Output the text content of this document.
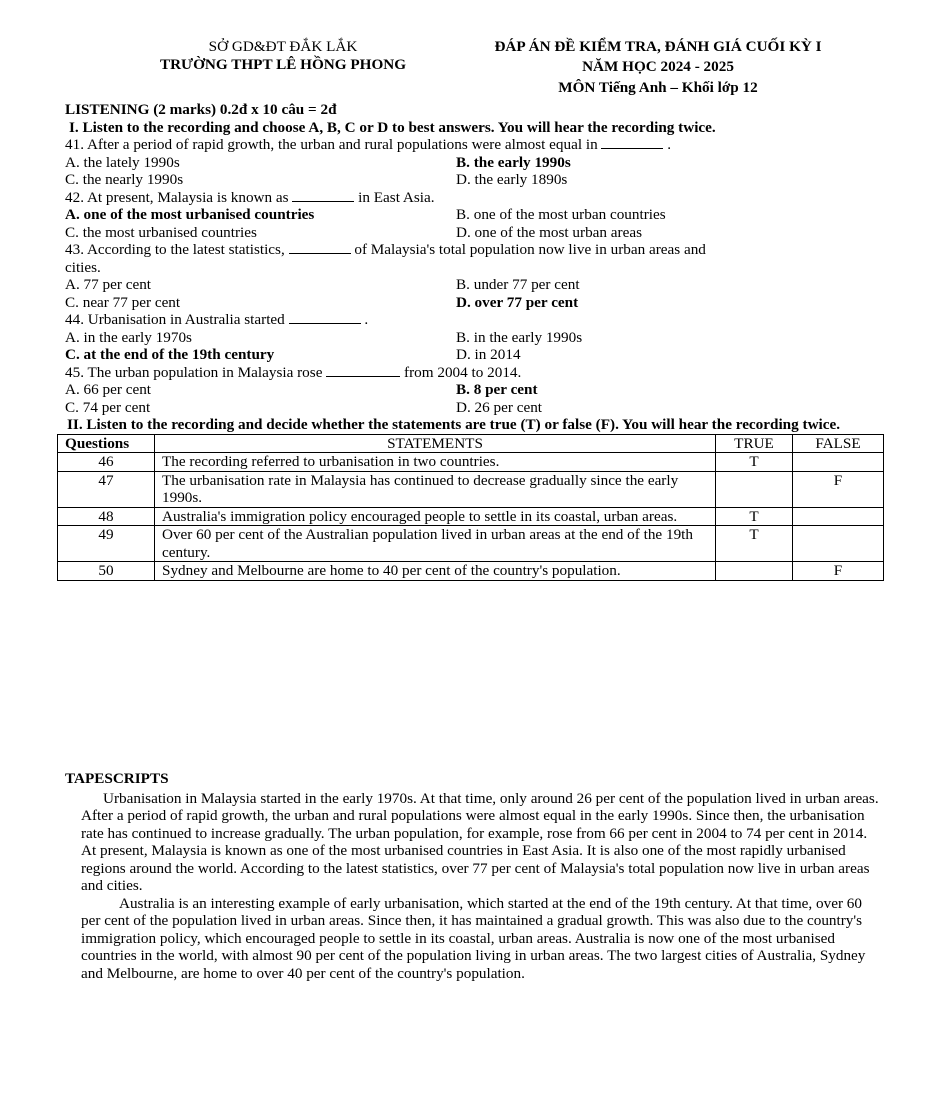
SỞ GD&ĐT ĐẮK LẮK
TRƯỜNG THPT LÊ HỒNG PHONG
ĐÁP ÁN ĐỀ KIỂM TRA, ĐÁNH GIÁ CUỐI KỲ I
NĂM HỌC 2024 - 2025
MÔN Tiếng Anh – Khối lớp 12
LISTENING (2 marks) 0.2đ x 10 câu = 2đ
I. Listen to the recording and choose A, B, C or D to best answers. You will hear the recording twice.
41. After a period of rapid growth, the urban and rural populations were almost equal in	.
A. the lately 1990s	B. the early 1990s
C. the nearly 1990s	D. the early 1890s
42. At present, Malaysia is known as	in East Asia.
A. one of the most urbanised countries	B. one of the most urban countries
C. the most urbanised countries	D. one of the most urban areas
43. According to the latest statistics,	of Malaysia's total population now live in urban areas and
cities.
A. 77 per cent	B. under 77 per cent
C. near 77 per cent	D. over 77 per cent
44. Urbanisation in Australia started	.
A. in the early 1970s	B. in the early 1990s
C. at the end of the 19th century	D. in 2014
45. The urban population in Malaysia rose	from 2004 to 2014.
A. 66 per cent	B. 8 per cent
C. 74 per cent	D. 26 per cent
II. Listen to the recording and decide whether the statements are true (T) or false (F). You will hear the recording twice.
Questions	STATEMENTS	TRUE	FALSE
46	The recording referred to urbanisation in two countries.	T	
47	The urbanisation rate in Malaysia has continued to decrease gradually since the early 1990s.		F
48	Australia's immigration policy encouraged people to settle in its coastal, urban areas.	T	
49	Over 60 per cent of the Australian population lived in urban areas at the end of the 19th century.	T	
50	Sydney and Melbourne are home to 40 per cent of the country's population.		F
TAPESCRIPTS

Urbanisation in Malaysia started in the early 1970s. At that time, only around 26 per cent of the population lived in urban areas. After a period of rapid growth, the urban and rural populations were almost equal in the early 1990s. Since then, the urbanisation rate has continued to increase gradually. The urban population, for example, rose from 66 per cent in 2004 to 74 per cent in 2014. At present, Malaysia is known as one of the most urbanised countries in East Asia. It is also one of the most rapidly urbanised regions around the world. According to the latest statistics, over 77 per cent of Malaysia's total population now live in urban areas and cities.

Australia is an interesting example of early urbanisation, which started at the end of the 19th century. At that time, over 60 per cent of the population lived in urban areas. Since then, it has maintained a gradual growth. This was also due to the country's immigration policy, which encouraged people to settle in its coastal, urban areas. Australia is now one of the most urbanised countries in the world, with almost 90 per cent of the population living in urban areas. The two largest cities of Australia, Sydney and Melbourne, are home to over 40 per cent of the country's population.
